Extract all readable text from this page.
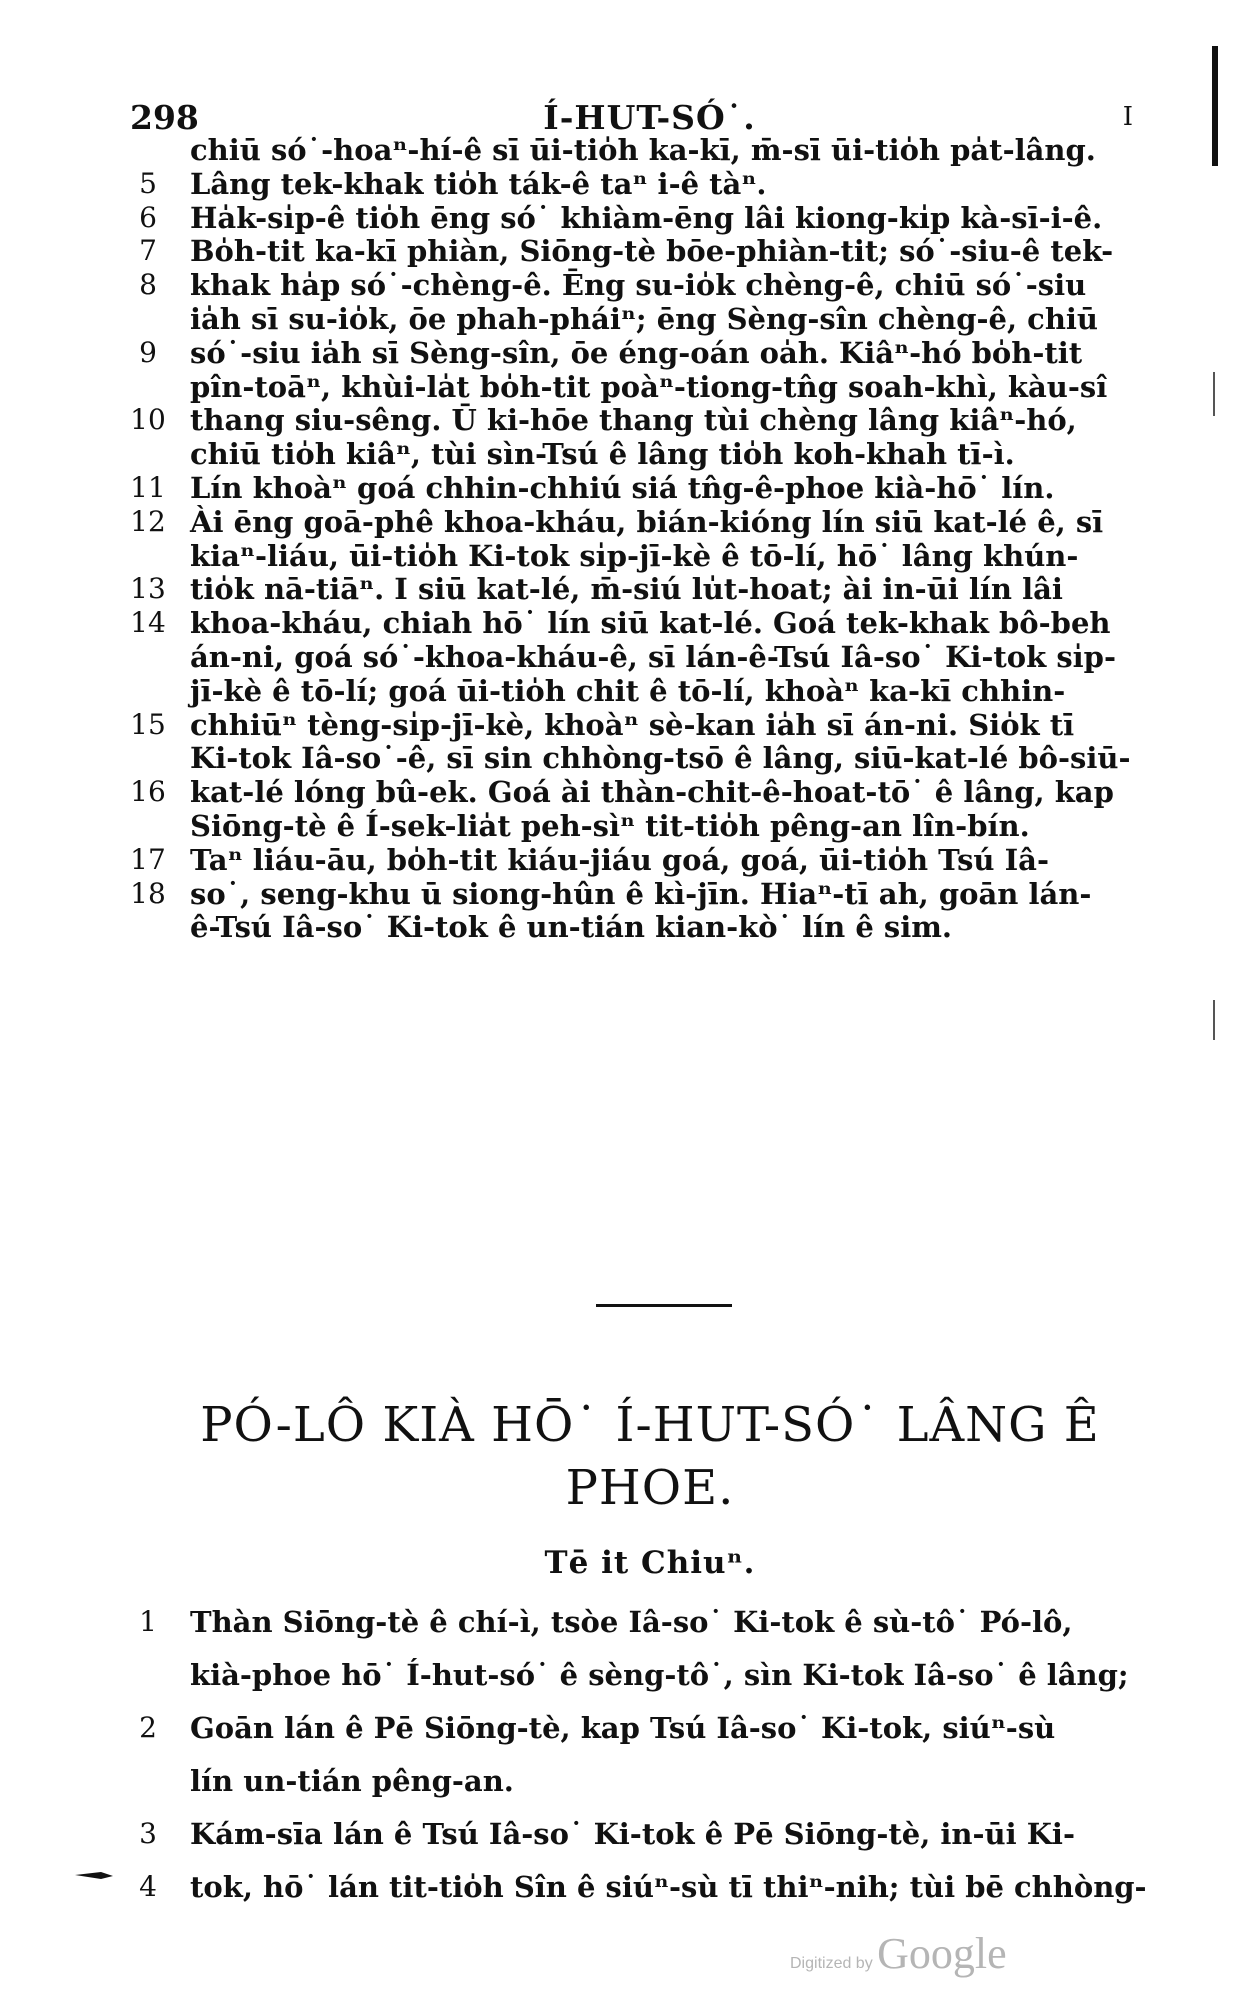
298	Í-HUT-SÓ˙.	I
chiū só˙-hoaⁿ-hí-ê sī ūi-tio̍h ka-kī, m̄-sī ūi-tio̍h pa̍t-lâng.
5	Lâng tek-khak tio̍h ták-ê taⁿ i-ê tàⁿ.
6	Ha̍k-si̍p-ê tio̍h ēng só˙ khiàm-ēng lâi kiong-ki̍p kà-sī-i-ê.
7	Bo̍h-tit ka-kī phiàn, Siōng-tè bōe-phiàn-tit; só˙-siu-ê tek-
8	khak ha̍p só˙-chèng-ê. Ēng su-io̍k chèng-ê, chiū só˙-siu
ia̍h sī su-io̍k, ōe phah-pháiⁿ; ēng Sèng-sîn chèng-ê, chiū
9	só˙-siu ia̍h sī Sèng-sîn, ōe éng-oán oa̍h. Kiâⁿ-hó bo̍h-tit
pîn-toāⁿ, khùi-la̍t bo̍h-tit poàⁿ-tiong-tn̂g soah-khì, kàu-sî
10 thang siu-sêng. Ū ki-hōe thang tùi chèng lâng kiâⁿ-hó,
chiū tio̍h kiâⁿ, tùi sìn-Tsú ê lâng tio̍h koh-khah tī-ì.
11 Lín khoàⁿ goá chhin-chhiú siá tn̂g-ê-phoe kià-hō˙ lín.
12 Ài ēng goā-phê khoa-kháu, bián-kióng lín siū kat-lé ê, sī
kiaⁿ-liáu, ūi-tio̍h Ki-tok si̍p-jī-kè ê tō-lí, hō˙ lâng khún-
13 tio̍k nā-tiāⁿ. I siū kat-lé, m̄-siú lu̍t-hoat; ài in-ūi lín lâi
14 khoa-kháu, chiah hō˙ lín siū kat-lé. Goá tek-khak bô-beh
án-ni, goá só˙-khoa-kháu-ê, sī lán-ê-Tsú Iâ-so˙ Ki-tok si̍p-
jī-kè ê tō-lí; goá ūi-tio̍h chit ê tō-lí, khoàⁿ ka-kī chhin-
15 chhiūⁿ tèng-si̍p-jī-kè, khoàⁿ sè-kan ia̍h sī án-ni. Sio̍k tī
Ki-tok Iâ-so˙-ê, sī sin chhòng-tsō ê lâng, siū-kat-lé bô-siū-
16 kat-lé lóng bû-ek. Goá ài thàn-chit-ê-hoat-tō˙ ê lâng, kap
Siōng-tè ê Í-sek-lia̍t peh-sìⁿ tit-tio̍h pêng-an lîn-bín.
17 Taⁿ liáu-āu, bo̍h-tit kiáu-jiáu goá, goá, ūi-tio̍h Tsú Iâ-
18 so˙, seng-khu ū siong-hûn ê kì-jīn. Hiaⁿ-tī ah, goān lán-
ê-Tsú Iâ-so˙ Ki-tok ê un-tián kian-kò˙ lín ê sim.
PÓ-LÔ KIÀ HŌ˙ Í-HUT-SÓ˙ LÂNG Ê
PHOE.
Tē it Chiuⁿ.
1	Thàn Siōng-tè ê chí-ì, tsòe Iâ-so˙ Ki-tok ê sù-tô˙ Pó-lô,
kià-phoe hō˙ Í-hut-só˙ ê sèng-tô˙, sìn Ki-tok Iâ-so˙ ê lâng;
2	Goān lán ê Pē Siōng-tè, kap Tsú Iâ-so˙ Ki-tok, siúⁿ-sù
lín un-tián pêng-an.
3	Kám-sīa lán ê Tsú Iâ-so˙ Ki-tok ê Pē Siōng-tè, in-ūi Ki-
4	tok, hō˙ lán tit-tio̍h Sîn ê siúⁿ-sù tī thiⁿ-nih; tùi bē chhòng-
Digitized by Google
